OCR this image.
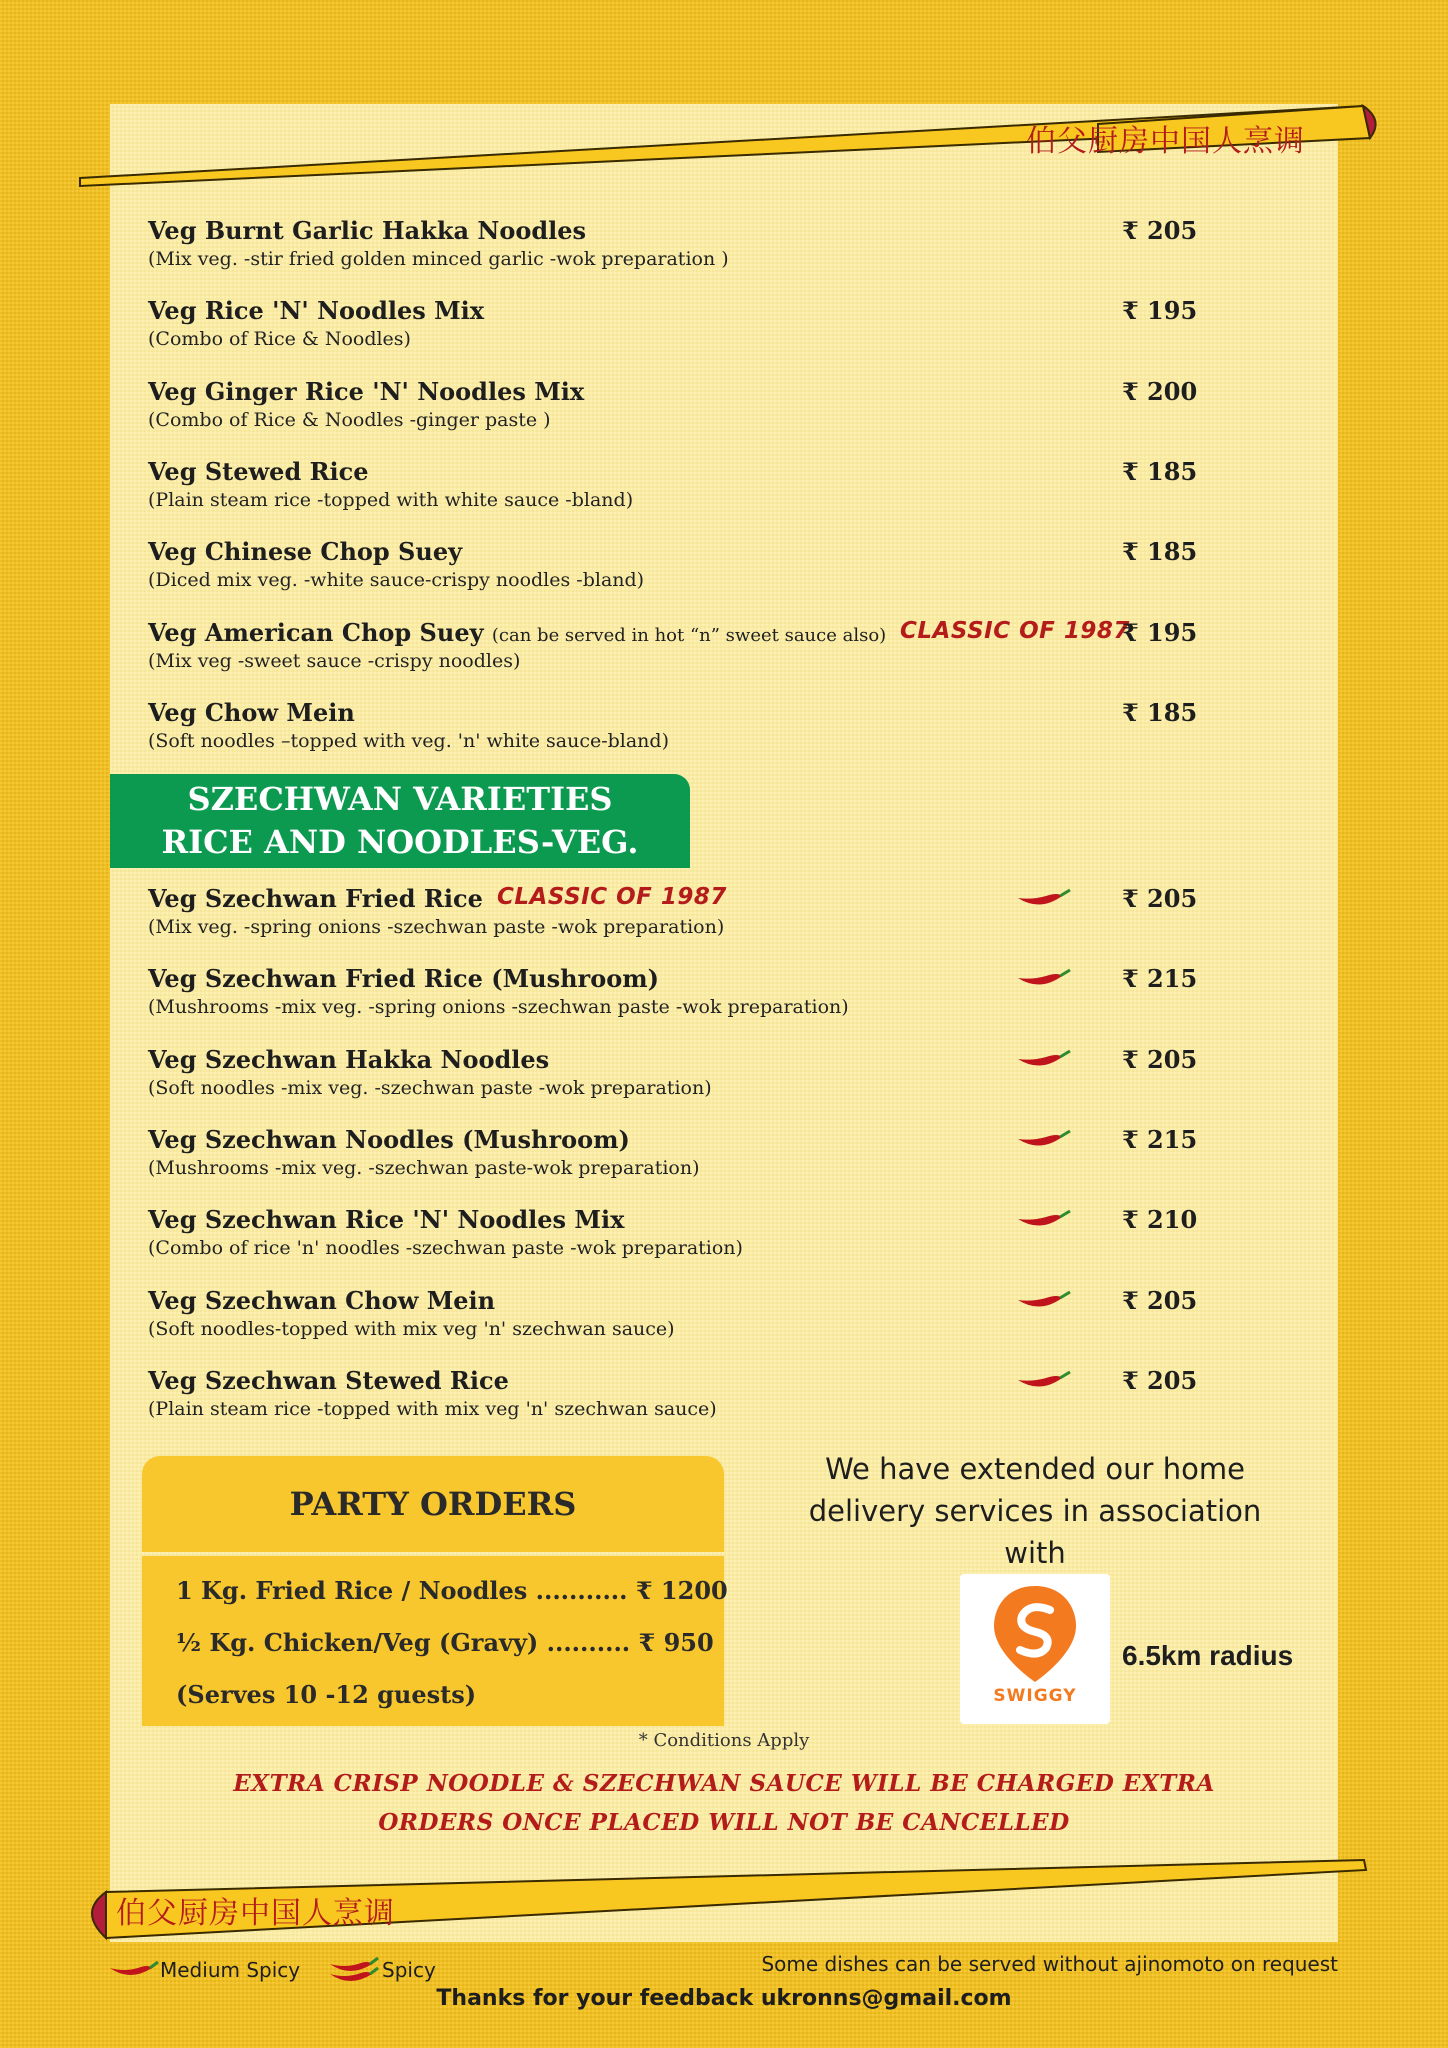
伯父厨房中国人烹调
Veg Burnt Garlic Hakka Noodles
(Mix veg. -stir fried golden minced garlic -wok preparation )
₹ 205
Veg Rice 'N' Noodles Mix
(Combo of Rice & Noodles)
₹ 195
Veg Ginger Rice 'N' Noodles Mix
(Combo of Rice & Noodles -ginger paste )
₹ 200
Veg Stewed Rice
(Plain steam rice -topped with white sauce -bland)
₹ 185
Veg Chinese Chop Suey
(Diced mix veg. -white sauce-crispy noodles -bland)
₹ 185
Veg American Chop Suey (can be served in hot “n” sweet sauce also)
(Mix veg -sweet sauce -crispy noodles)
CLASSIC OF 1987
₹ 195
Veg Chow Mein
(Soft noodles –topped with veg. 'n' white sauce-bland)
₹ 185
SZECHWAN VARIETIES
RICE AND NOODLES-VEG.
Veg Szechwan Fried Rice
(Mix veg. -spring onions -szechwan paste -wok preparation)
CLASSIC OF 1987	₹ 205
Veg Szechwan Fried Rice (Mushroom)
(Mushrooms -mix veg. -spring onions -szechwan paste -wok preparation)
₹ 215
Veg Szechwan Hakka Noodles
(Soft noodles -mix veg. -szechwan paste -wok preparation)
₹ 205
Veg Szechwan Noodles (Mushroom)
(Mushrooms -mix veg. -szechwan paste-wok preparation)
₹ 215
Veg Szechwan Rice 'N' Noodles Mix
(Combo of rice 'n' noodles -szechwan paste -wok preparation)
₹ 210
Veg Szechwan Chow Mein
(Soft noodles-topped with mix veg 'n' szechwan sauce)
₹ 205
Veg Szechwan Stewed Rice
(Plain steam rice -topped with mix veg 'n' szechwan sauce)
₹ 205
PARTY ORDERS
1 Kg. Fried Rice / Noodles ........... ₹ 1200
½ Kg. Chicken/Veg (Gravy) .......... ₹ 950
(Serves 10 -12 guests)
We have extended our home delivery services in association with
SWIGGY
6.5km radius
* Conditions Apply
EXTRA CRISP NOODLE & SZECHWAN SAUCE WILL BE CHARGED EXTRA
ORDERS ONCE PLACED WILL NOT BE CANCELLED
伯父厨房中国人烹调
Medium Spicy	Spicy	Some dishes can be served without ajinomoto on request
Thanks for your feedback ukronns@gmail.com
